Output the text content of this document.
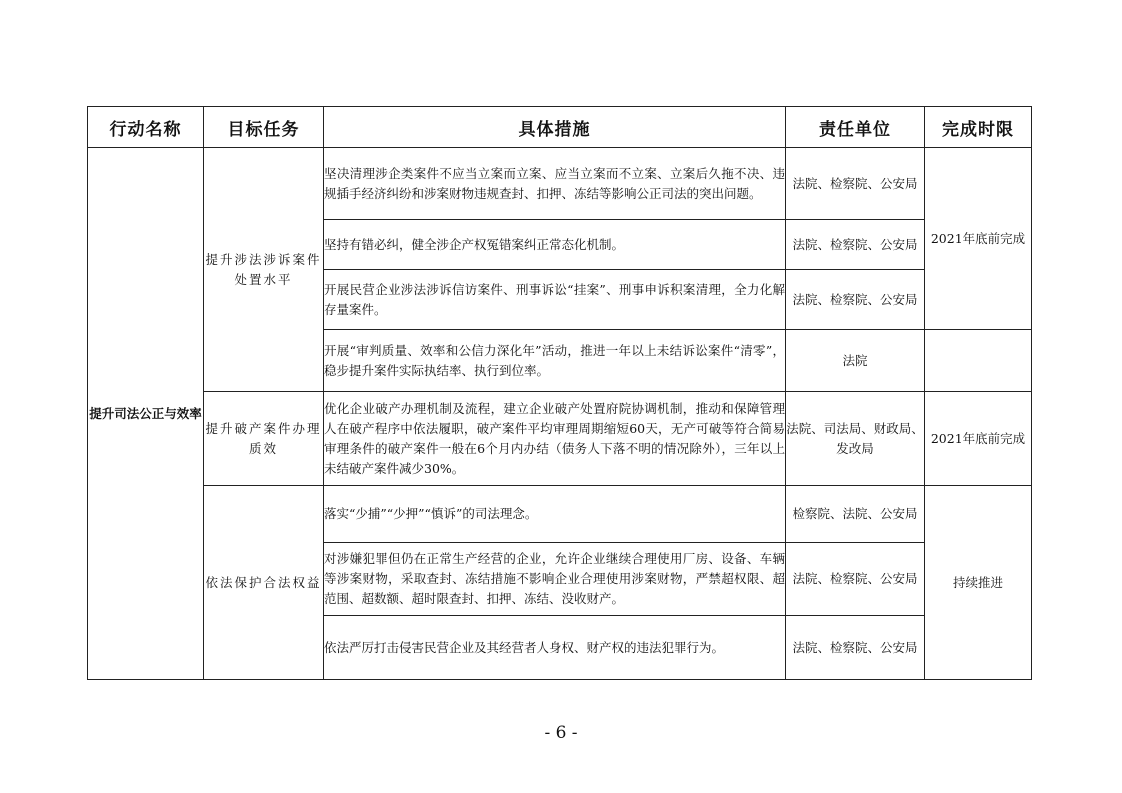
行动名称	目标任务	具体措施	责任单位	完成时限
提升司法公正与效率	提升涉法涉诉案件处置水平	坚决清理涉企类案件不应当立案而立案、应当立案而不立案、立案后久拖不决、违规插手经济纠纷和涉案财物违规查封、扣押、冻结等影响公正司法的突出问题。	法院、检察院、公安局	2021年底前完成
		坚持有错必纠，健全涉企产权冤错案纠正常态化机制。	法院、检察院、公安局	
		开展民营企业涉法涉诉信访案件、刑事诉讼“挂案”、刑事申诉积案清理，全力化解存量案件。	法院、检察院、公安局	
		开展“审判质量、效率和公信力深化年”活动，推进一年以上未结诉讼案件“清零”，稳步提升案件实际执结率、执行到位率。	法院	
	提升破产案件办理质效	优化企业破产办理机制及流程，建立企业破产处置府院协调机制，推动和保障管理人在破产程序中依法履职，破产案件平均审理周期缩短60天，无产可破等符合简易审理条件的破产案件一般在6个月内办结（债务人下落不明的情况除外），三年以上未结破产案件减少30%。	法院、司法局、财政局、发改局	2021年底前完成
	依法保护合法权益	落实“少捕”“少押”“慎诉”的司法理念。	检察院、法院、公安局	持续推进
		对涉嫌犯罪但仍在正常生产经营的企业，允许企业继续合理使用厂房、设备、车辆等涉案财物，采取查封、冻结措施不影响企业合理使用涉案财物，严禁超权限、超范围、超数额、超时限查封、扣押、冻结、没收财产。	法院、检察院、公安局	
		依法严厉打击侵害民营企业及其经营者人身权、财产权的违法犯罪行为。	法院、检察院、公安局	
- 6 -
